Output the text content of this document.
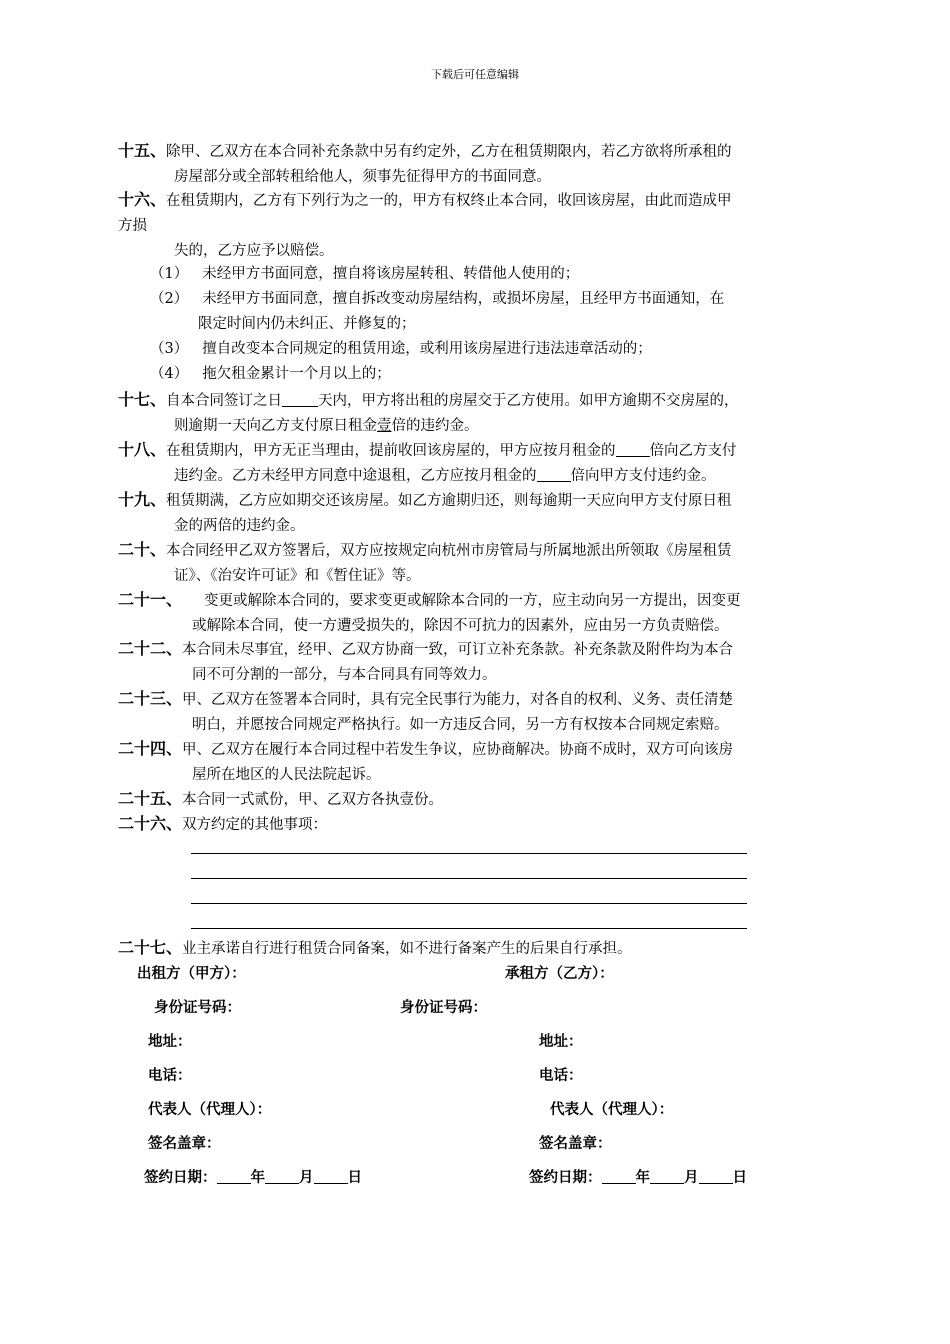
下载后可任意编辑
十五、除甲、乙双方在本合同补充条款中另有约定外，乙方在租赁期限内，若乙方欲将所承租的
房屋部分或全部转租给他人，须事先征得甲方的书面同意。
十六、在租赁期内，乙方有下列行为之一的，甲方有权终止本合同，收回该房屋，由此而造成甲
方损
失的，乙方应予以赔偿。
（1） 未经甲方书面同意，擅自将该房屋转租、转借他人使用的；
（2） 未经甲方书面同意，擅自拆改变动房屋结构，或损坏房屋，且经甲方书面通知，在
限定时间内仍未纠正、并修复的；
（3） 擅自改变本合同规定的租赁用途，或利用该房屋进行违法违章活动的；
（4） 拖欠租金累计一个月以上的；
十七、自本合同签订之日 天内，甲方将出租的房屋交于乙方使用。如甲方逾期不交房屋的，
则逾期一天向乙方支付原日租金壹倍的违约金。
十八、在租赁期内，甲方无正当理由，提前收回该房屋的，甲方应按月租金的 倍向乙方支付
违约金。乙方未经甲方同意中途退租，乙方应按月租金的 倍向甲方支付违约金。
十九、租赁期满，乙方应如期交还该房屋。如乙方逾期归还，则每逾期一天应向甲方支付原日租
金的两倍的违约金。
二十、本合同经甲乙双方签署后，双方应按规定向杭州市房管局与所属地派出所领取《房屋租赁
证》、《治安许可证》和《暂住证》等。
二十一、 变更或解除本合同的，要求变更或解除本合同的一方，应主动向另一方提出，因变更
或解除本合同，使一方遭受损失的，除因不可抗力的因素外，应由另一方负责赔偿。
二十二、本合同未尽事宜，经甲、乙双方协商一致，可订立补充条款。补充条款及附件均为本合
同不可分割的一部分，与本合同具有同等效力。
二十三、甲、乙双方在签署本合同时，具有完全民事行为能力，对各自的权利、义务、责任清楚
明白，并愿按合同规定严格执行。如一方违反合同，另一方有权按本合同规定索赔。
二十四、甲、乙双方在履行本合同过程中若发生争议，应协商解决。协商不成时，双方可向该房
屋所在地区的人民法院起诉。
二十五、本合同一式贰份，甲、乙双方各执壹份。
二十六、双方约定的其他事项：
二十七、业主承诺自行进行租赁合同备案，如不进行备案产生的后果自行承担。
出租方（甲方）：	承租方（乙方）：
身份证号码：	身份证号码：
地址：	地址：
电话：	电话：
代表人（代理人）：	代表人（代理人）：
签名盖章：	签名盖章：
签约日期： 年 月 日	签约日期： 年 月 日
